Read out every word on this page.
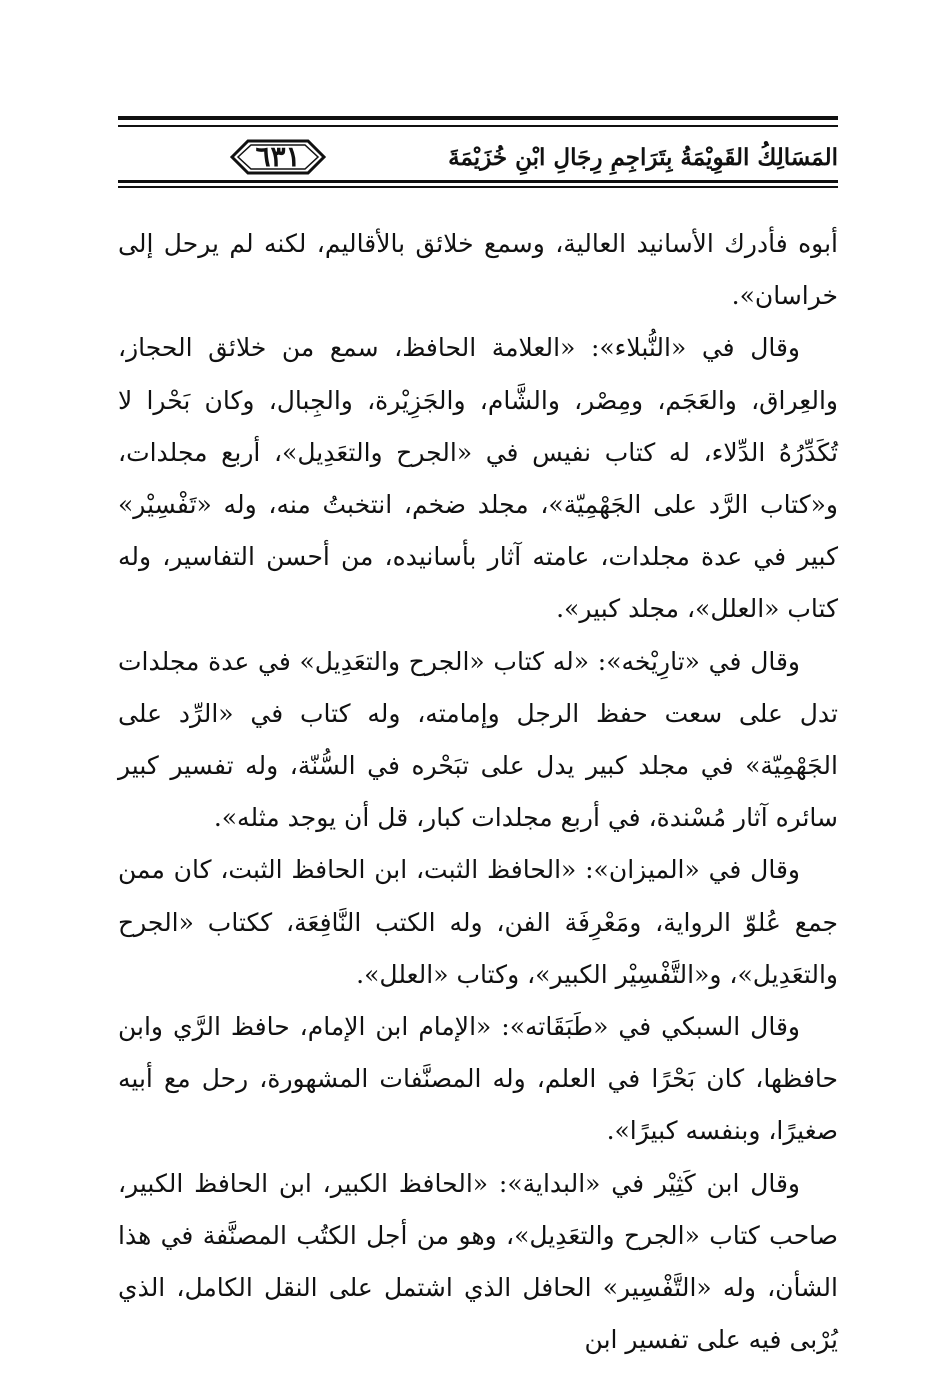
٦٣١	المَسَالِكُ القَوِيْمَةُ بِتَرَاجِمِ رِجَالِ ابْنِ خُزَيْمَةَ

أبوه فأدرك الأسانيد العالية، وسمع خلائق بالأقاليم، لكنه لم يرحل إلى خراسان».

وقال في «النُّبلاء»: «العلامة الحافظ، سمع من خلائق الحجاز، والعِراق، والعَجَم، ومِصْر، والشَّام، والجَزِيْرة، والجِبال، وكان بَحْرا لا تُكَدِّرُهُ الدِّلاء، له كتاب نفيس في «الجرح والتعَدِيل»، أربع مجلدات، و«كتاب الرَّد على الجَهْمِيّة»، مجلد ضخم، انتخبتُ منه، وله «تَفْسِيْر» كبير في عدة مجلدات، عامته آثار بأسانيده، من أحسن التفاسير، وله كتاب «العلل»، مجلد كبير».

وقال في «تارِيْخه»: «له كتاب «الجرح والتعَدِيل» في عدة مجلدات تدل على سعت حفظ الرجل وإمامته، وله كتاب في «الرِّد على الجَهْمِيّة» في مجلد كبير يدل على تبَحْره في السُّنّة، وله تفسير كبير سائره آثار مُسْندة، في أربع مجلدات كبار، قل أن يوجد مثله».

وقال في «الميزان»: «الحافظ الثبت، ابن الحافظ الثبت، كان ممن جمع عُلوّ الرواية، ومَعْرِفَة الفن، وله الكتب النَّافِعَة، ككتاب «الجرح والتعَدِيل»، و«التَّفْسِيْر الكبير»، وكتاب «العلل».

وقال السبكي في «طَبَقَاته»: «الإمام ابن الإمام، حافظ الرَّي وابن حافظها، كان بَحْرًا في العلم، وله المصنَّفات المشهورة، رحل مع أبيه صغيرًا، وبنفسه كبيرًا».

وقال ابن كَثِيْر في «البداية»: «الحافظ الكبير، ابن الحافظ الكبير، صاحب كتاب «الجرح والتعَدِيل»، وهو من أجل الكتُب المصنَّفة في هذا الشأن، وله «التَّفْسِير» الحافل الذي اشتمل على النقل الكامل، الذي يُرْبى فيه على تفسير ابن
